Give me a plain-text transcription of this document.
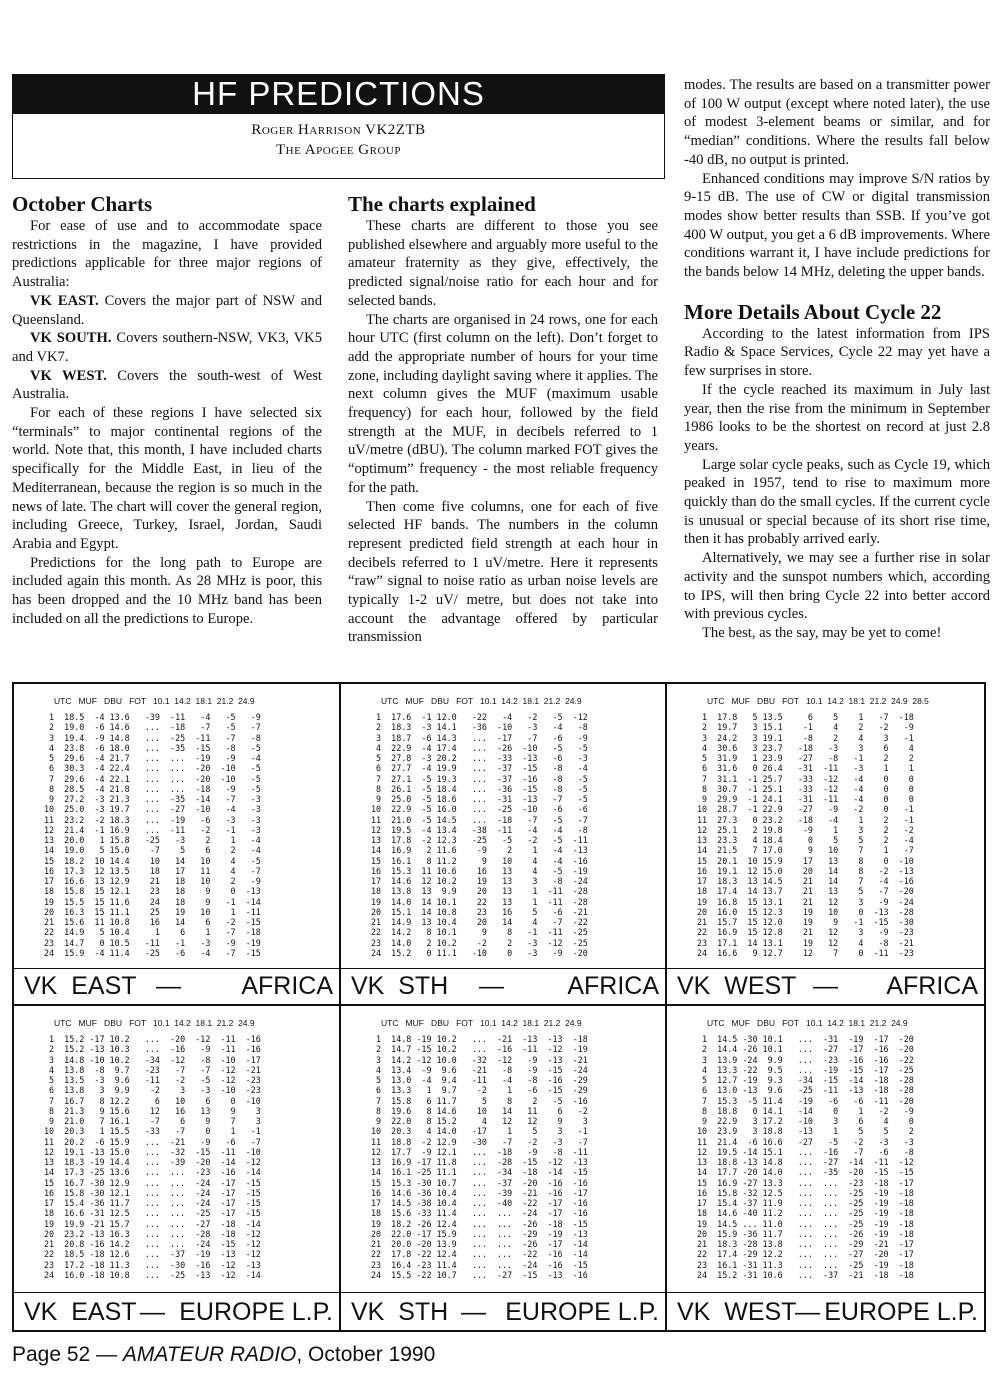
HF PREDICTIONS
Roger Harrison VK2ZTB
The Apogee Group
October Charts

For ease of use and to accommodate space restrictions in the magazine, I have provided predictions applicable for three major regions of Australia:

VK EAST. Covers the major part of NSW and Queensland.

VK SOUTH. Covers southern-NSW, VK3, VK5 and VK7.

VK WEST. Covers the south-west of West Australia.

For each of these regions I have selected six “terminals” to major continental regions of the world. Note that, this month, I have included charts specifically for the Middle East, in lieu of the Mediterranean, because the region is so much in the news of late. The chart will cover the general region, including Greece, Turkey, Israel, Jordan, Saudi Arabia and Egypt.

Predictions for the long path to Europe are included again this month. As 28 MHz is poor, this has been dropped and the 10 MHz band has been included on all the predictions to Europe.

The charts explained

These charts are different to those you see published elsewhere and arguably more useful to the amateur fraternity as they give, effectively, the predicted signal/noise ratio for each hour and for selected bands.

The charts are organised in 24 rows, one for each hour UTC (first column on the left). Don’t forget to add the appropriate number of hours for your time zone, including daylight saving where it applies. The next column gives the MUF (maximum usable frequency) for each hour, followed by the field strength at the MUF, in decibels referred to 1 uV/metre (dBU). The column marked FOT gives the “optimum” frequency - the most reliable frequency for the path.

Then come five columns, one for each of five selected HF bands. The numbers in the column represent predicted field strength at each hour in decibels referred to 1 uV/metre. Here it represents “raw” signal to noise ratio as urban noise levels are typically 1-2 uV/ metre, but does not take into account the advantage offered by particular transmission

modes. The results are based on a transmitter power of 100 W output (except where noted later), the use of modest 3-element beams or similar, and for “median” conditions. Where the results fall below -40 dB, no output is printed.

Enhanced conditions may improve S/N ratios by 9-15 dB. The use of CW or digital transmission modes show better results than SSB. If you’ve got 400 W output, you get a 6 dB improvements. Where conditions warrant it, I have include predictions for the bands below 14 MHz, deleting the upper bands.

More Details About Cycle 22

According to the latest information from IPS Radio & Space Services, Cycle 22 may yet have a few surprises in store.

If the cycle reached its maximum in July last year, then the rise from the minimum in September 1986 looks to be the shortest on record at just 2.8 years.

Large solar cycle peaks, such as Cycle 19, which peaked in 1957, tend to rise to maximum more quickly than do the small cycles. If the current cycle is unusual or special because of its short rise time, then it has probably arrived early.

Alternatively, we may see a further rise in solar activity and the sunspot numbers which, according to IPS, will then bring Cycle 22 into better accord with previous cycles.

The best, as the say, may be yet to come!

UTC   MUF   DBU   FOT   10.1  14.2  18.1  21.2  24.9
1  18.5  -4 13.6   -39  -11   -4   -5   -9
2  19.0  -6 14.6   ...  -18   -7   -5   -7
3  19.4  -9 14.8   ...  -25  -11   -7   -8
4  23.8  -6 18.0   ...  -35  -15   -8   -5
5  29.6  -4 21.7   ...  ...  -19   -9   -4
6  30.3  -4 22.4   ...  ...  -20  -10   -5
7  29.6  -4 22.1   ...  ...  -20  -10   -5
8  28.5  -4 21.8   ...  ...  -18   -9   -5
9  27.2  -3 21.3   ...  -35  -14   -7   -3
10  25.0  -3 19.7   ...  -27  -10   -4   -3
11  23.2  -2 18.3   ...  -19   -6   -3   -3
12  21.4  -1 16.9   ...  -11   -2   -1   -3
13  20.0   1 15.8   -25   -3    2    1   -4
14  19.0   5 15.0    -7    5    6    2   -4
15  18.2  10 14.4    10   14   10    4   -5
16  17.3  12 13.5    18   17   11    4   -7
17  16.6  13 12.9    21   18   10    2   -9
18  15.8  15 12.1    23   18    9    0  -13
19  15.5  15 11.6    24   18    9   -1  -14
20  16.3  15 11.1    25   19   10    1  -11
21  15.6  11 10.8    16   14    6   -2  -15
22  14.9   5 10.4     1    6    1   -7  -18
23  14.7   0 10.5   -11   -1   -3   -9  -19
24  15.9  -4 11.4   -25   -6   -4   -7  -15
VK  EAST — AFRICA
UTC   MUF   DBU   FOT   10.1  14.2  18.1  21.2  24.9
1  17.6  -1 12.0   -22   -4   -2   -5  -12
2  18.3  -3 14.1   -36  -10   -3   -4   -8
3  18.7  -6 14.3   ...  -17   -7   -6   -9
4  22.9  -4 17.4   ...  -26  -10   -5   -5
5  27.8  -3 20.2   ...  -33  -13   -6   -3
6  27.7  -4 19.9   ...  -37  -15   -8   -4
7  27.1  -5 19.3   ...  -37  -16   -8   -5
8  26.1  -5 18.4   ...  -36  -15   -8   -5
9  25.0  -5 18.6   ...  -31  -13   -7   -5
10  22.9  -5 16.0   ...  -25  -10   -6   -6
11  21.0  -5 14.5   ...  -18   -7   -5   -7
12  19.5  -4 13.4   -38  -11   -4   -4   -8
13  17.8  -2 12.3   -25   -5   -2   -5  -11
14  16.9   2 11.6    -9    2    1   -4  -13
15  16.1   8 11.2     9   10    4   -4  -16
16  15.3  11 10.6    16   13    4   -5  -19
17  14.6  12 10.2    19   13    3   -8  -24
18  13.8  13  9.9    20   13    1  -11  -28
19  14.0  14 10.1    22   13    1  -11  -28
20  15.1  14 10.8    23   16    5   -6  -21
21  14.9  13 10.4    20   14    4   -7  -22
22  14.2   8 10.1     9    8   -1  -11  -25
23  14.0   2 10.2    -2    2   -3  -12  -25
24  15.2   0 11.1   -10    0   -3   -9  -20
VK  STH —	AFRICA
UTC   MUF   DBU   FOT   10.1  14.2  18.1  21.2  24.9  28.5
1  17.8   5 13.5     6    5    1   -7  -18
2  19.7   3 15.1    -1    4    2   -2   -9
3  24.2   3 19.1    -8    2    4    3   -1
4  30.6   3 23.7   -18   -3    3    6    4
5  31.9   1 23.9   -27   -8   -1    2    2
6  31.6   0 26.4   -31  -11   -3    1    1
7  31.1  -1 25.7   -33  -12   -4    0    0
8  30.7  -1 25.1   -33  -12   -4    0    0
9  29.9  -1 24.1   -31  -11   -4    0    0
10  28.7  -1 22.9   -27   -9   -2    0   -1
11  27.3   0 23.2   -18   -4    1    2   -1
12  25.1   2 19.8    -9    1    3    2   -2
13  23.3   4 18.4     0    5    5    2   -4
14  21.5   7 17.0     9   10    7    1   -7
15  20.1  10 15.9    17   13    8    0  -10
16  19.1  12 15.0    20   14    8   -2  -13
17  18.3  13 14.5    21   14    7   -4  -16
18  17.4  14 13.7    21   13    5   -7  -20
19  16.8  15 13.1    21   12    3   -9  -24
20  16.0  15 12.3    19   10    0  -13  -28
21  15.7  15 12.0    19    9   -1  -15  -30
22  16.9  15 12.8    21   12    3   -9  -23
23  17.1  14 13.1    19   12    4   -8  -21
24  16.6   9 12.7    12    7    0  -11  -23
VK  WEST — AFRICA
UTC   MUF   DBU   FOT   10.1  14.2  18.1  21.2  24.9
1  15.2 -17 10.2   ...  -20  -12  -11  -16
2  15.2 -13 10.3   ...  -16   -9  -11  -16
3  14.8 -10 10.2   -34  -12   -8  -10  -17
4  13.8  -8  9.7   -23   -7   -7  -12  -21
5  13.5  -3  9.6   -11   -2   -5  -12  -23
6  13.8   3  9.9    -2    3   -3  -10  -23
7  16.7   8 12.2     6   10    6    0  -10
8  21.3   9 15.6    12   16   13    9    3
9  21.0   7 16.1    -7    6    9    7    3
10  20.3   1 15.5   -33   -7    0    1   -1
11  20.2  -6 15.9   ...  -21   -9   -6   -7
12  19.1 -13 15.0   ...  -32  -15  -11  -10
13  18.3 -19 14.4   ...  -39  -20  -14  -12
14  17.3 -25 13.6   ...  ...  -23  -16  -14
15  16.7 -30 12.9   ...  ...  -24  -17  -15
16  15.8 -30 12.1   ...  ...  -24  -17  -15
17  15.4 -36 11.7   ...  ...  -24  -17  -15
18  16.6 -31 12.5   ...  ...  -25  -17  -15
19  19.9 -21 15.7   ...  ...  -27  -18  -14
20  23.2 -13 16.3   ...  ...  -28  -18  -12
21  20.8 -16 14.2   ...  ...  -24  -15  -12
22  18.5 -18 12.6   ...  -37  -19  -13  -12
23  17.2 -18 11.3   ...  -30  -16  -12  -13
24  16.0 -18 10.8   ...  -25  -13  -12  -14
VK  EAST — EUROPE L.P.
UTC   MUF   DBU   FOT   10.1  14.2  18.1  21.2  24.9
1  14.8 -19 10.2   ...  -21  -13  -13  -18
2  14.7 -15 10.2   ...  -16  -11  -12  -19
3  14.2 -12 10.0   -32  -12   -9  -13  -21
4  13.4  -9  9.6   -21   -8   -9  -15  -24
5  13.0  -4  9.4   -11   -4   -8  -16  -29
6  13.3   1  9.7    -2    1   -6  -15  -29
7  15.8   6 11.7     5    8    2   -5  -16
8  19.6   8 14.6    10   14   11    6   -2
9  22.0   8 15.2     4   12   12    9    3
10  20.3   4 14.0   -17    1    5    3   -1
11  18.8  -2 12.9   -30   -7   -2   -3   -7
12  17.7  -9 12.1   ...  -18   -9   -8  -11
13  16.9 -17 11.8   ...  -28  -15  -12  -13
14  16.1 -25 11.1   ...  -34  -18  -14  -15
15  15.3 -30 10.7   ...  -37  -20  -16  -16
16  14.6 -36 10.4   ...  -39  -21  -16  -17
17  14.5 -38 10.4   ...  -40  -22  -17  -16
18  15.6 -33 11.4   ...  ...  -24  -17  -16
19  18.2 -26 12.4   ...  ...  -26  -18  -15
20  22.0 -17 15.9   ...  ...  -29  -19  -13
21  20.0 -20 13.9   ...  ...  -26  -17  -14
22  17.8 -22 12.4   ...  ...  -22  -16  -14
23  16.4 -23 11.4   ...  ...  -24  -16  -15
24  15.5 -22 10.7   ...  -27  -15  -13  -16
VK  STH — EUROPE L.P.
UTC   MUF   DBU   FOT   10.1  14.2  18.1  21.2  24.9
1  14.5 -30 10.1   ...  -31  -19  -17  -20
2  14.4 -26 10.1   ...  -27  -17  -16  -20
3  13.9 -24  9.9   ...  -23  -16  -16  -22
4  13.3 -22  9.5   ...  -19  -15  -17  -25
5  12.7 -19  9.3   -34  -15  -14  -18  -28
6  13.0 -13  9.6   -25  -11  -13  -18  -28
7  15.3  -5 11.4   -19   -6   -6  -11  -20
8  18.8   0 14.1   -14    0    1   -2   -9
9  22.9   3 17.2   -10    3    6    4    0
10  23.9   3 18.8   -13    1    5    5    2
11  21.4  -6 16.6   -27   -5   -2   -3   -3
12  19.5 -14 15.1   ...  -16   -7   -6   -8
13  18.8 -13 14.8   ...  -27  -14  -11  -12
14  17.7 -20 14.0   ...  -35  -20  -15  -15
15  16.9 -27 13.3   ...  ...  -23  -18  -17
16  15.8 -32 12.5   ...  ...  -25  -19  -18
17  15.4 -37 11.9   ...  ...  -25  -19  -18
18  14.6 -40 11.2   ...  ...  -25  -19  -18
19  14.5 ... 11.0   ...  ...  -25  -19  -18
20  15.9 -36 11.7   ...  ...  -26  -19  -18
21  18.3 -28 13.8   ...  ...  -29  -21  -17
22  17.4 -29 12.2   ...  ...  -27  -20  -17
23  16.1 -31 11.3   ...  ...  -25  -19  -18
24  15.2 -31 10.6   ...  -37  -21  -18  -18
VK  WEST
— EUROPE L.P.
Page 52 — AMATEUR RADIO, October 1990
